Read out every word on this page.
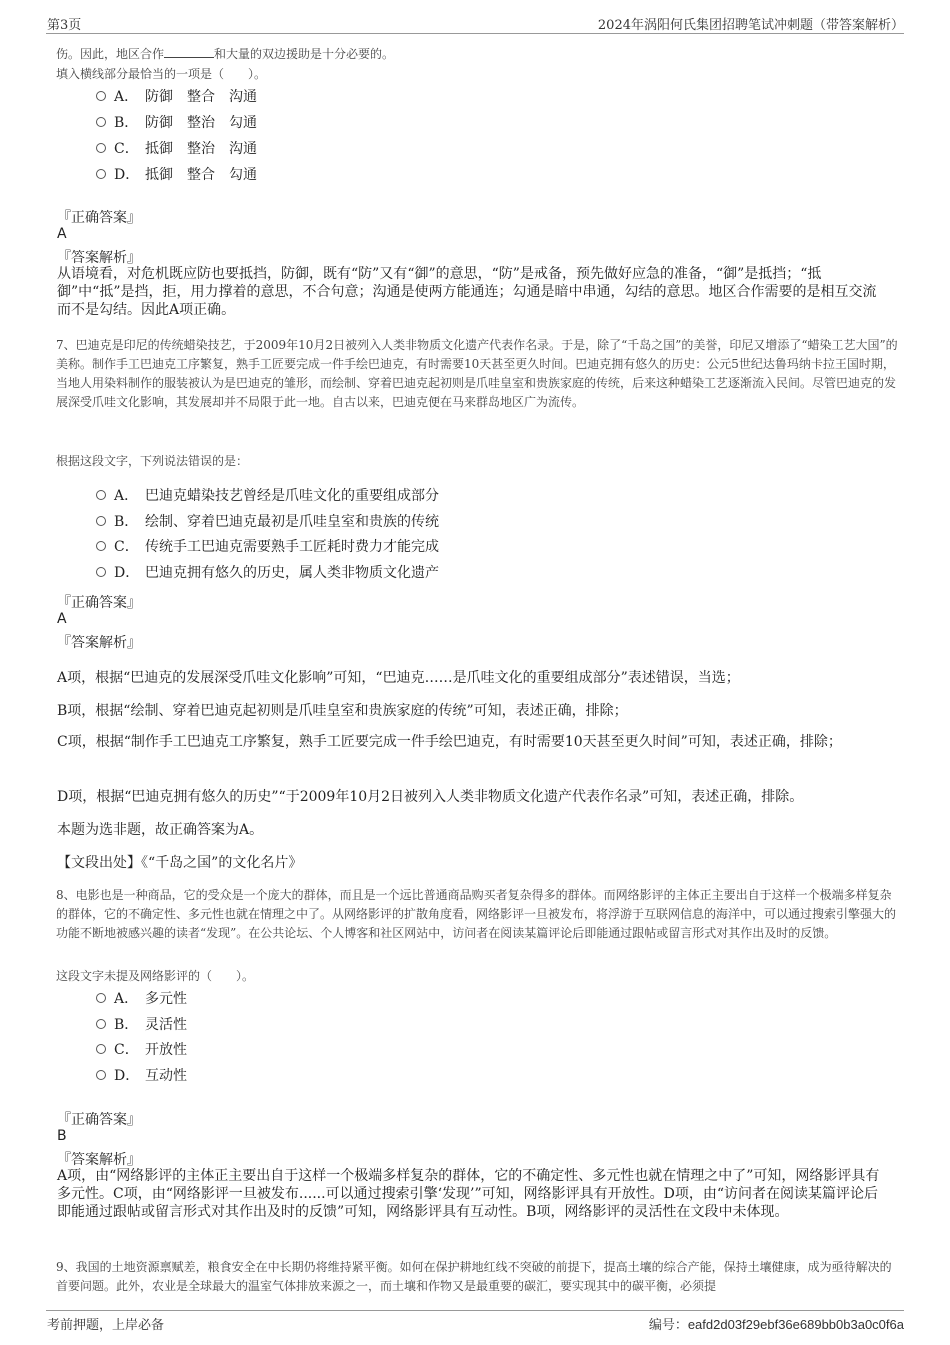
第3页	2024年涡阳何氏集团招聘笔试冲刺题（带答案解析）
伤。因此，地区合作	和大量的双边援助是十分必要的。
填入横线部分最恰当的一项是（　　）。
A． 防御　整合　沟通
B． 防御　整治　勾通
C． 抵御　整治　沟通
D． 抵御　整合　勾通
『正确答案』
A
『答案解析』
从语境看，对危机既应防也要抵挡，防御，既有“防”又有“御”的意思，“防”是戒备，预先做好应急的准备，“御”是抵挡；“抵御”中“抵”是挡，拒，用力撑着的意思，不合句意；沟通是使两方能通连；勾通是暗中串通，勾结的意思。地区合作需要的是相互交流而不是勾结。因此A项正确。
7、巴迪克是印尼的传统蜡染技艺，于2009年10月2日被列入人类非物质文化遗产代表作名录。于是，除了“千岛之国”的美誉，印尼又增添了“蜡染工艺大国”的美称。制作手工巴迪克工序繁复，熟手工匠要完成一件手绘巴迪克，有时需要10天甚至更久时间。巴迪克拥有悠久的历史：公元5世纪达鲁玛纳卡拉王国时期，当地人用染料制作的服装被认为是巴迪克的雏形，而绘制、穿着巴迪克起初则是爪哇皇室和贵族家庭的传统，后来这种蜡染工艺逐渐流入民间。尽管巴迪克的发展深受爪哇文化影响，其发展却并不局限于此一地。自古以来，巴迪克便在马来群岛地区广为流传。
根据这段文字，下列说法错误的是：
A． 巴迪克蜡染技艺曾经是爪哇文化的重要组成部分
B． 绘制、穿着巴迪克最初是爪哇皇室和贵族的传统
C． 传统手工巴迪克需要熟手工匠耗时费力才能完成
D． 巴迪克拥有悠久的历史，属人类非物质文化遗产
『正确答案』
A
『答案解析』
A项，根据“巴迪克的发展深受爪哇文化影响”可知，“巴迪克……是爪哇文化的重要组成部分”表述错误，当选；
B项，根据“绘制、穿着巴迪克起初则是爪哇皇室和贵族家庭的传统”可知，表述正确，排除；
C项，根据“制作手工巴迪克工序繁复，熟手工匠要完成一件手绘巴迪克，有时需要10天甚至更久时间”可知，表述正确，排除；
D项，根据“巴迪克拥有悠久的历史”“于2009年10月2日被列入人类非物质文化遗产代表作名录”可知，表述正确，排除。
本题为选非题，故正确答案为A。
【文段出处】《“千岛之国”的文化名片》
8、电影也是一种商品，它的受众是一个庞大的群体，而且是一个远比普通商品购买者复杂得多的群体。而网络影评的主体正主要出自于这样一个极端多样复杂的群体，它的不确定性、多元性也就在情理之中了。从网络影评的扩散角度看，网络影评一旦被发布，将浮游于互联网信息的海洋中，可以通过搜索引擎强大的功能不断地被感兴趣的读者“发现”。在公共论坛、个人博客和社区网站中，访问者在阅读某篇评论后即能通过跟帖或留言形式对其作出及时的反馈。
这段文字未提及网络影评的（　　）。
A． 多元性
B． 灵活性
C． 开放性
D． 互动性
『正确答案』
B
『答案解析』
A项，由“网络影评的主体正主要出自于这样一个极端多样复杂的群体，它的不确定性、多元性也就在情理之中了”可知，网络影评具有多元性。C项，由“网络影评一旦被发布......可以通过搜索引擎‘发现’”可知，网络影评具有开放性。D项，由“访问者在阅读某篇评论后即能通过跟帖或留言形式对其作出及时的反馈”可知，网络影评具有互动性。B项，网络影评的灵活性在文段中未体现。
9、我国的土地资源禀赋差，粮食安全在中长期仍将维持紧平衡。如何在保护耕地红线不突破的前提下，提高土壤的综合产能，保持土壤健康，成为亟待解决的首要问题。此外，农业是全球最大的温室气体排放来源之一，而土壤和作物又是最重要的碳汇，要实现其中的碳平衡，必须提
考前押题，上岸必备	编号：eafd2d03f29ebf36e689bb0b3a0c0f6a
